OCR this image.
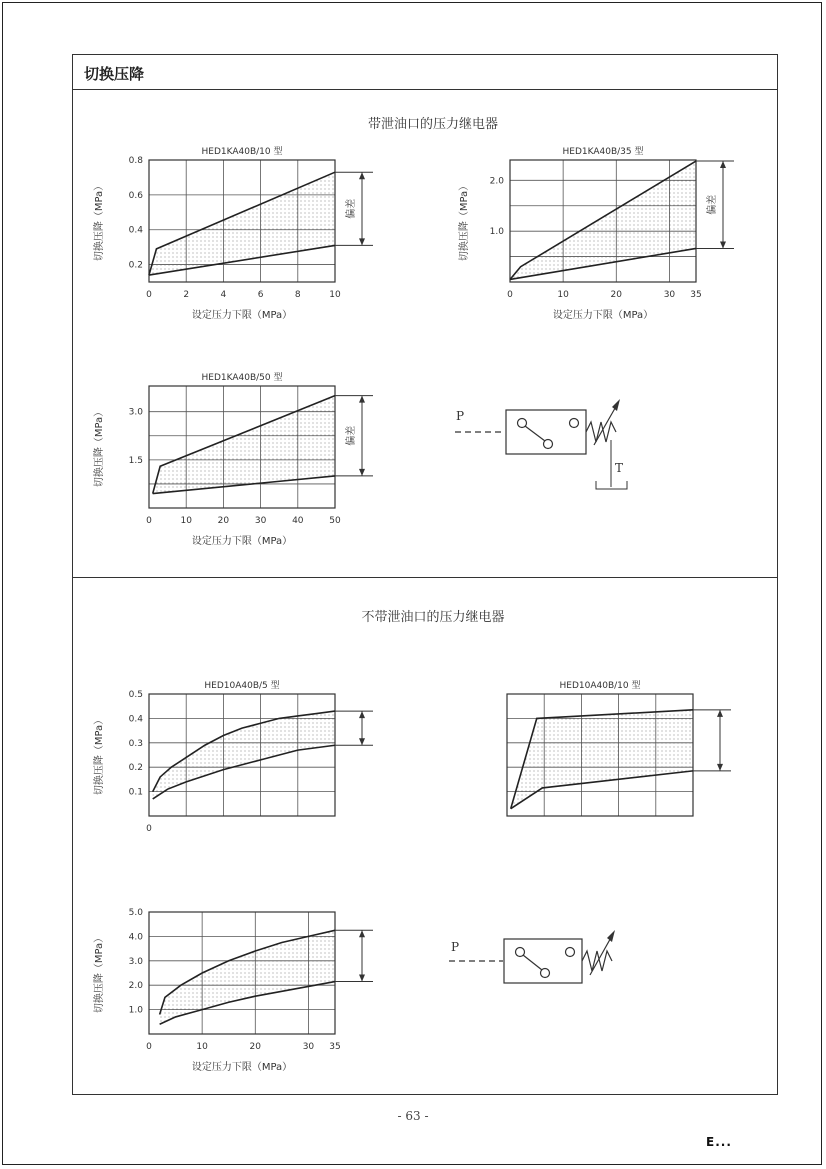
切换压降
带泄油口的压力继电器
不带泄油口的压力继电器
0	2	4	6	8	10
0.2
0.4
0.6
0.8
HED1KA40B/10 型
设定压力下限（MPa）
切换压降（MPa）	偏差
0	10	20	30 35
1.0
2.0
HED1KA40B/35 型
设定压力下限（MPa）
切换压降（MPa）	偏差
0	10	20	30	40	50
1.5
3.0
HED1KA40B/50 型
设定压力下限（MPa）
切换压降（MPa）	偏差
0
0.1
0.2
0.3
0.4
0.5
HED10A40B/5 型
切换压降（MPa）
HED10A40B/10 型
0	10	20	30 35
1.0
2.0
3.0
4.0
5.0
设定压力下限（MPa）
切换压降（MPa）
P
T
P
- 63 -
E...
